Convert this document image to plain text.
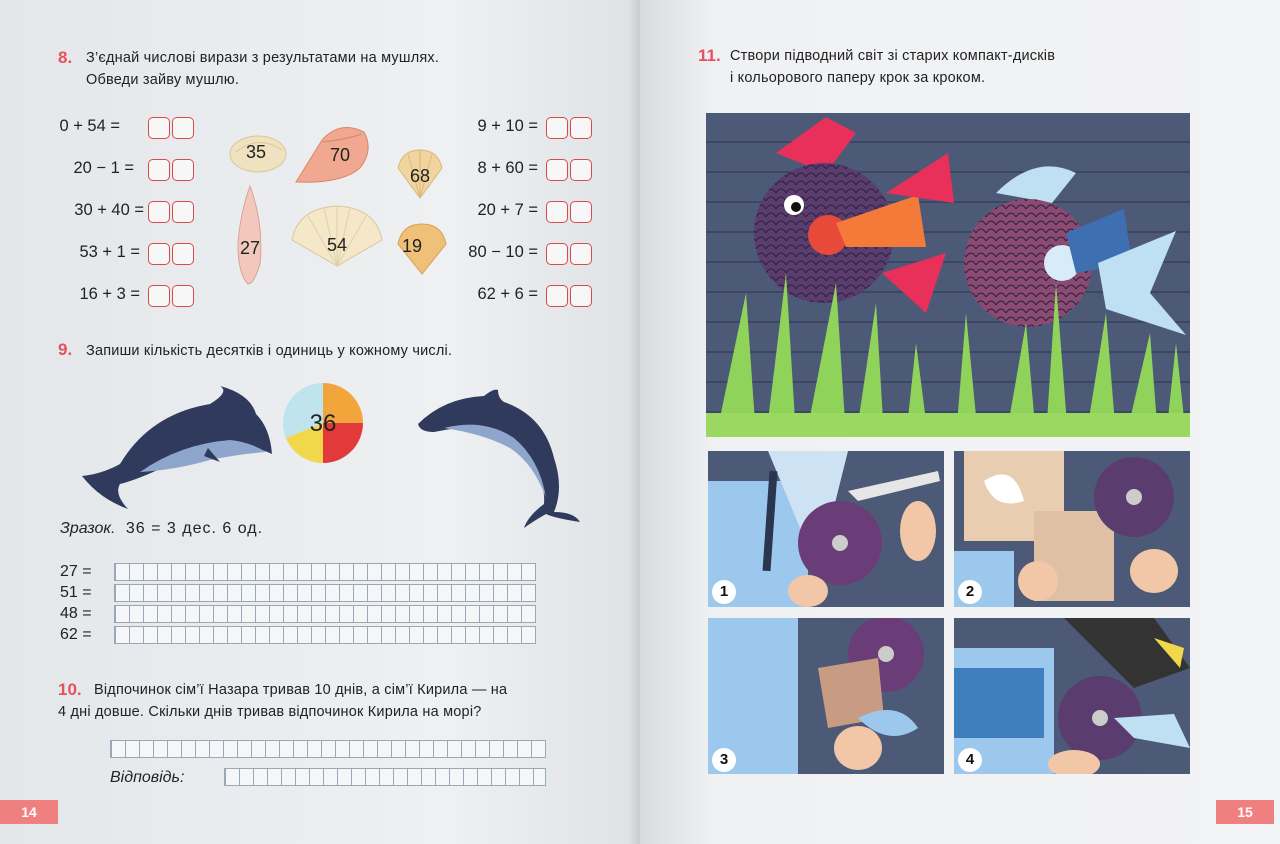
8. З’єднай числові вирази з результатами на мушлях.
Обведи зайву мушлю.
0 + 54 =
20 − 1 =
30 + 40 =
53 + 1 =
16 + 3 =
35	70
68
27	54	19
9 + 10 =
8 + 60 =
20 + 7 =
80 − 10 =
62 + 6 =
9. Запиши кількість десятків і одиниць у кожному числі.
36
Зразок. 36 = 3 дес. 6 од.
27 =
51 =
48 =
62 =
10. Відпочинок сім’ї Назара тривав 10 днів, а сім’ї Кирила — на
4 дні довше. Скільки днів тривав відпочинок Кирила на морі?
Відповідь:
14
11. Створи підводний світ зі старих компакт-дисків
і кольорового паперу крок за кроком.
1	2
3	4
15
